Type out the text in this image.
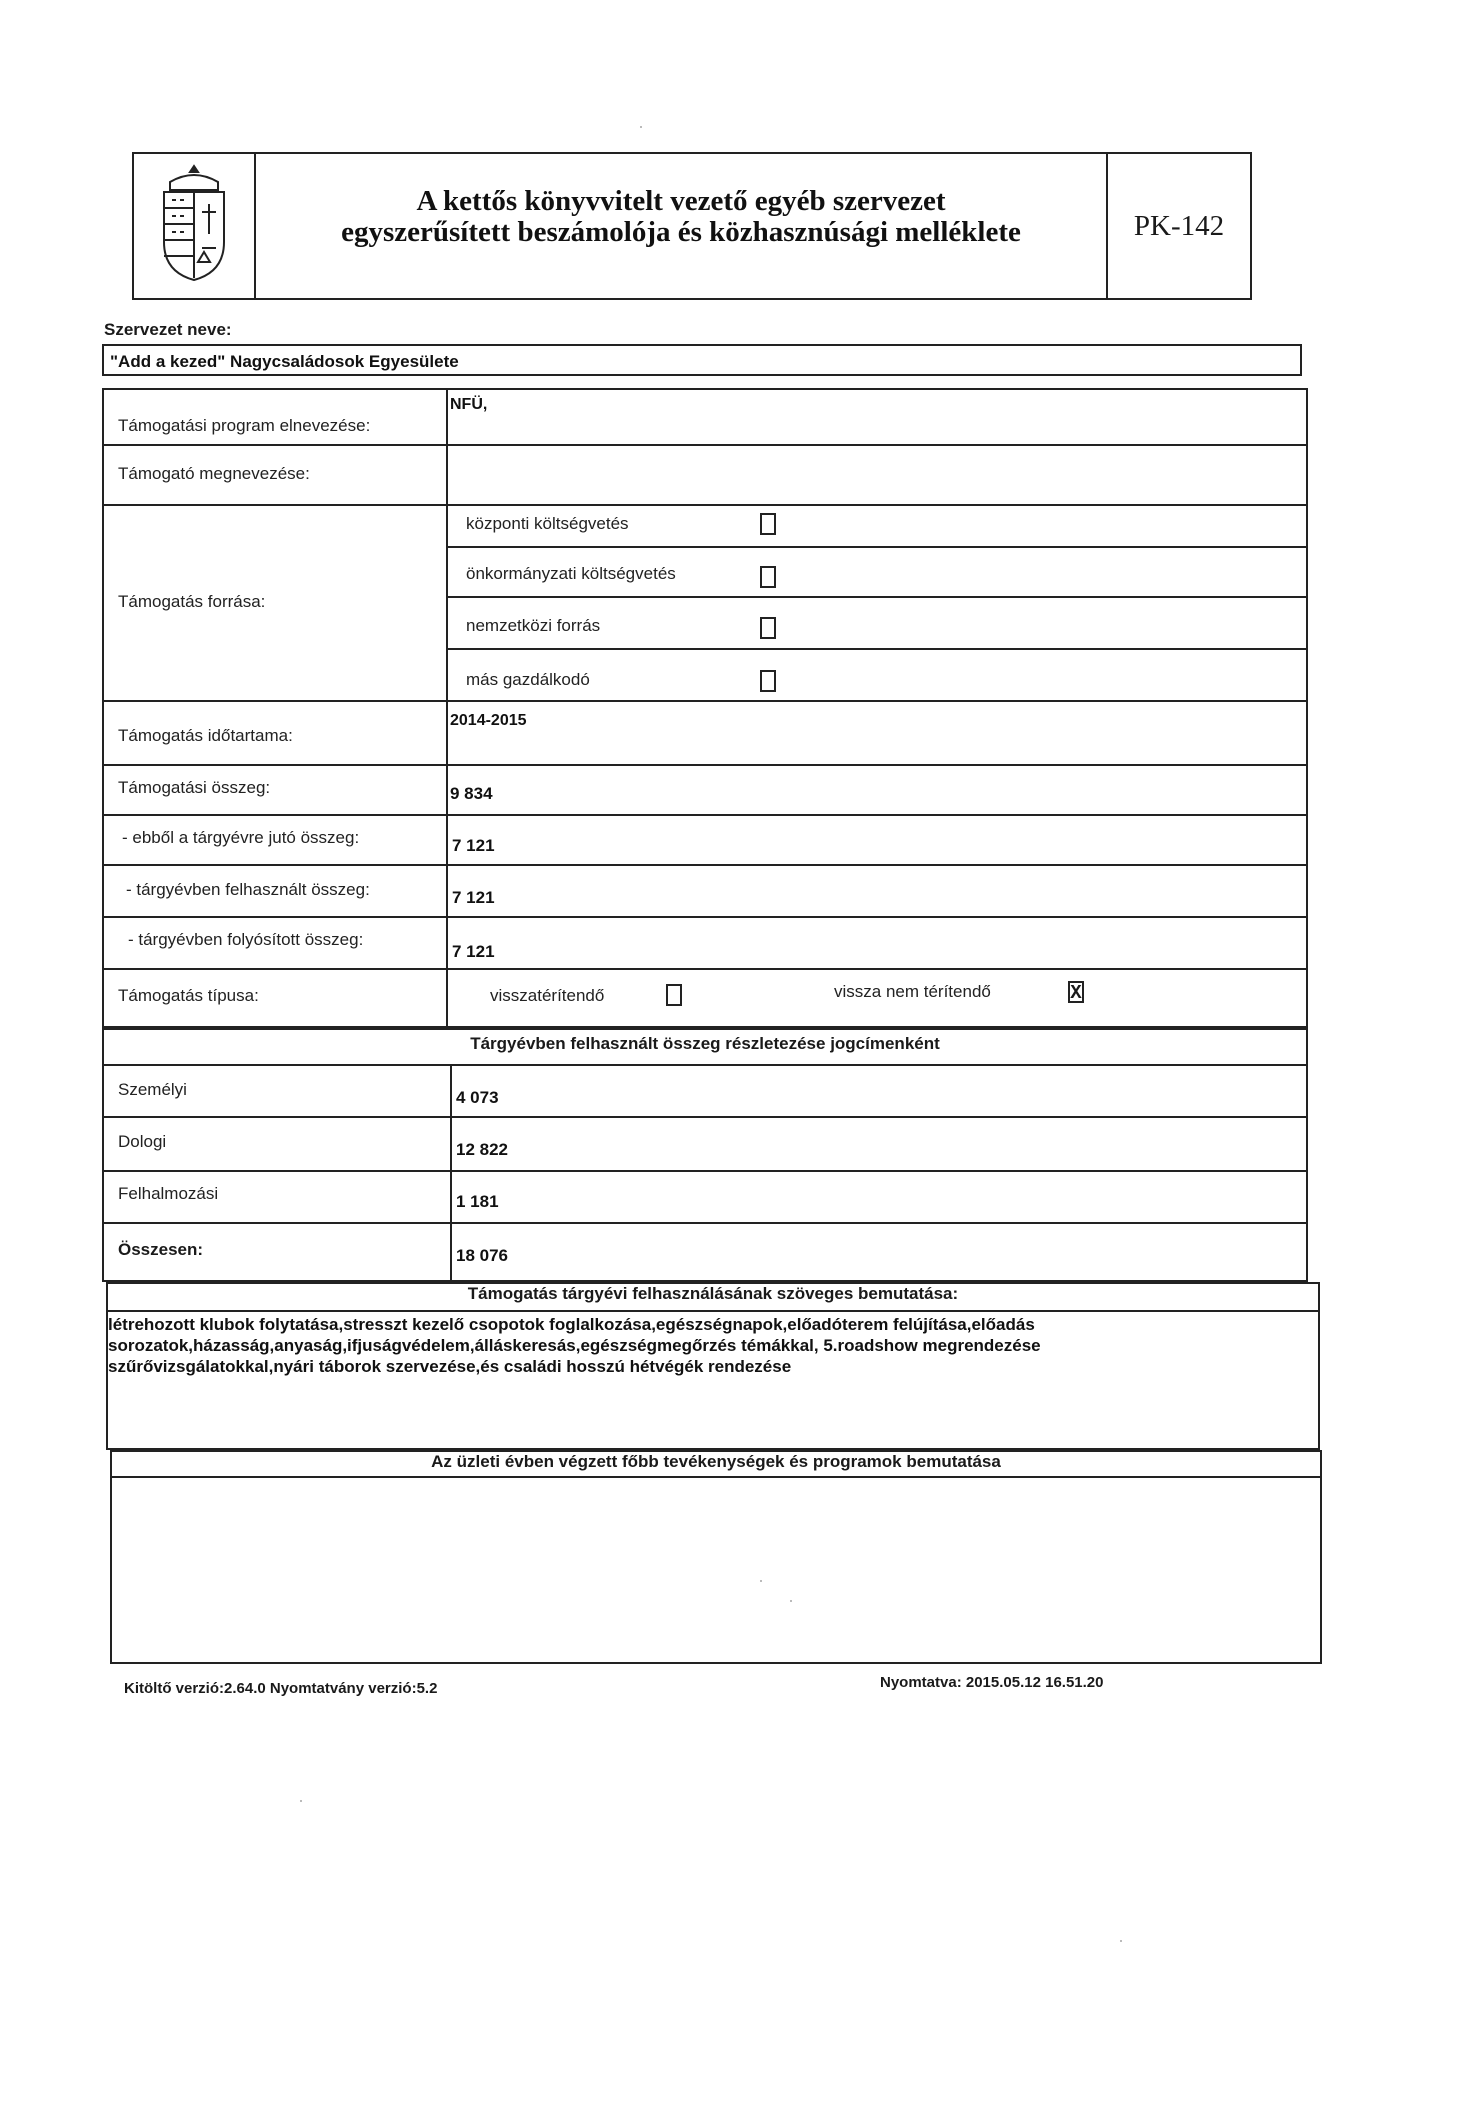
A kettős könyvvitelt vezető egyéb szervezet
egyszerűsített beszámolója és közhasznúsági melléklete	PK-142
Szervezet neve:
"Add a kezed" Nagycsaládosok Egyesülete
Támogatási program elnevezése:
NFÜ,
Támogató megnevezése:
Támogatás forrása:
központi költségvetés
önkormányzati költségvetés
nemzetközi forrás
más gazdálkodó
Támogatás időtartama:
2014-2015
Támogatási összeg:	9 834
- ebből a tárgyévre jutó összeg:	7 121
- tárgyévben felhasznált összeg:	7 121
- tárgyévben folyósított összeg:
7 121
Támogatás típusa:	visszatérítendő	vissza nem térítendő	X
Tárgyévben felhasznált összeg részletezése jogcímenként
Személyi	4 073
Dologi	12 822
Felhalmozási	1 181
Összesen:	18 076
Támogatás tárgyévi felhasználásának szöveges bemutatása:
létrehozott klubok folytatása,stresszt kezelő csopotok foglalkozása,egészségnapok,előadóterem felújítása,előadás
sorozatok,házasság,anyaság,ifjuságvédelem,álláskeresás,egészségmegőrzés témákkal, 5.roadshow megrendezése
szűrővizsgálatokkal,nyári táborok szervezése,és családi hosszú hétvégék rendezése
Az üzleti évben végzett főbb tevékenységek és programok bemutatása
Kitöltő verzió:2.64.0 Nyomtatvány verzió:5.2	Nyomtatva: 2015.05.12 16.51.20
